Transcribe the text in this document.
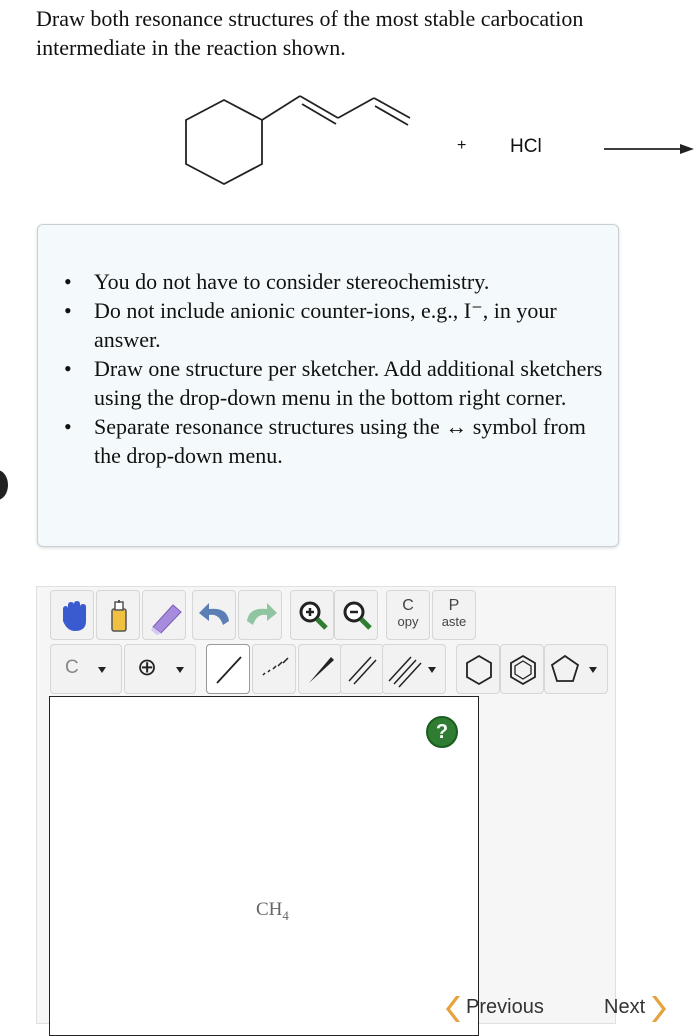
Draw both resonance structures of the most stable carbocation intermediate in the reaction shown.
+ HCl
• You do not have to consider stereochemistry.
• Do not include anionic counter-ions, e.g., I⁻, in your answer.
• Draw one structure per sketcher. Add additional sketchers using the drop-down menu in the bottom right corner.
• Separate resonance structures using the ↔ symbol from the drop-down menu.
C
opy
P
aste
C ⊕
?
$CH_4$
Previous	Next
